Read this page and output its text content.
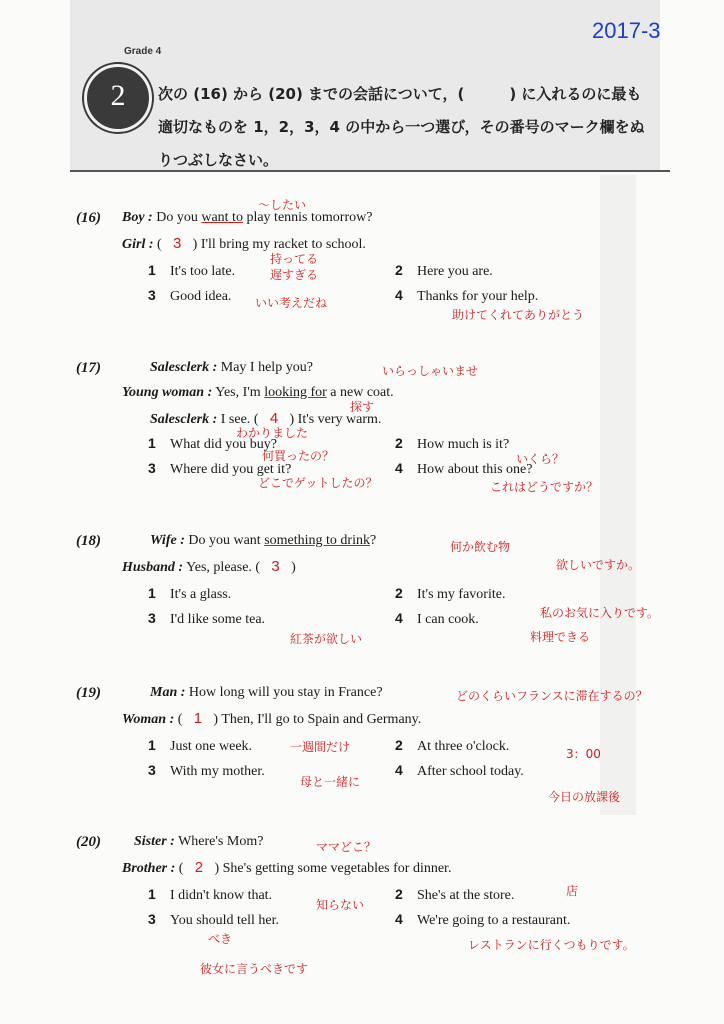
2017-3
Grade 4
2	次の (16) から (20) までの会話について，(　　　) に入れるのに最も適切なものを 1，2，3，4 の中から一つ選び，その番号のマーク欄をぬりつぶしなさい。
(16) Boy : Do you want to play tennis tomorrow?
Girl : ( 3 ) I'll bring my racket to school.
1 It's too late.	2 Here you are.
3 Good idea.	4 Thanks for your help.
〜したい
持ってる
遅すぎる
いい考えだね
助けてくれてありがとう
(17)	Salesclerk : May I help you?
Young woman : Yes, I'm looking for a new coat.
Salesclerk : I see. ( 4 ) It's very warm.
1 What did you buy?	2 How much is it?
3 Where did you get it?	4 How about this one?
いらっしゃいませ
探す
わかりました
何買ったの？	いくら？
どこでゲットしたの？	これはどうですか？
(18)	Wife : Do you want something to drink?
Husband : Yes, please. ( 3 )
1 It's a glass.	2 It's my favorite.
3 I'd like some tea.	4 I can cook.
何か飲む物
欲しいですか。
私のお気に入りです。
紅茶が欲しい	料理できる
(19)	Man : How long will you stay in France?
Woman : ( 1 ) Then, I'll go to Spain and Germany.
1 Just one week.	2 At three o'clock.
3 With my mother.	4 After school today.
どのくらいフランスに滞在するの？
一週間だけ	3：00
母と一緒に
今日の放課後
(20) Sister : Where's Mom?
Brother : ( 2 ) She's getting some vegetables for dinner.
1 I didn't know that.	2 She's at the store.
3 You should tell her.	4 We're going to a restaurant.
ママどこ？
知らない
店
べき
彼女に言うべきです
レストランに行くつもりです。
